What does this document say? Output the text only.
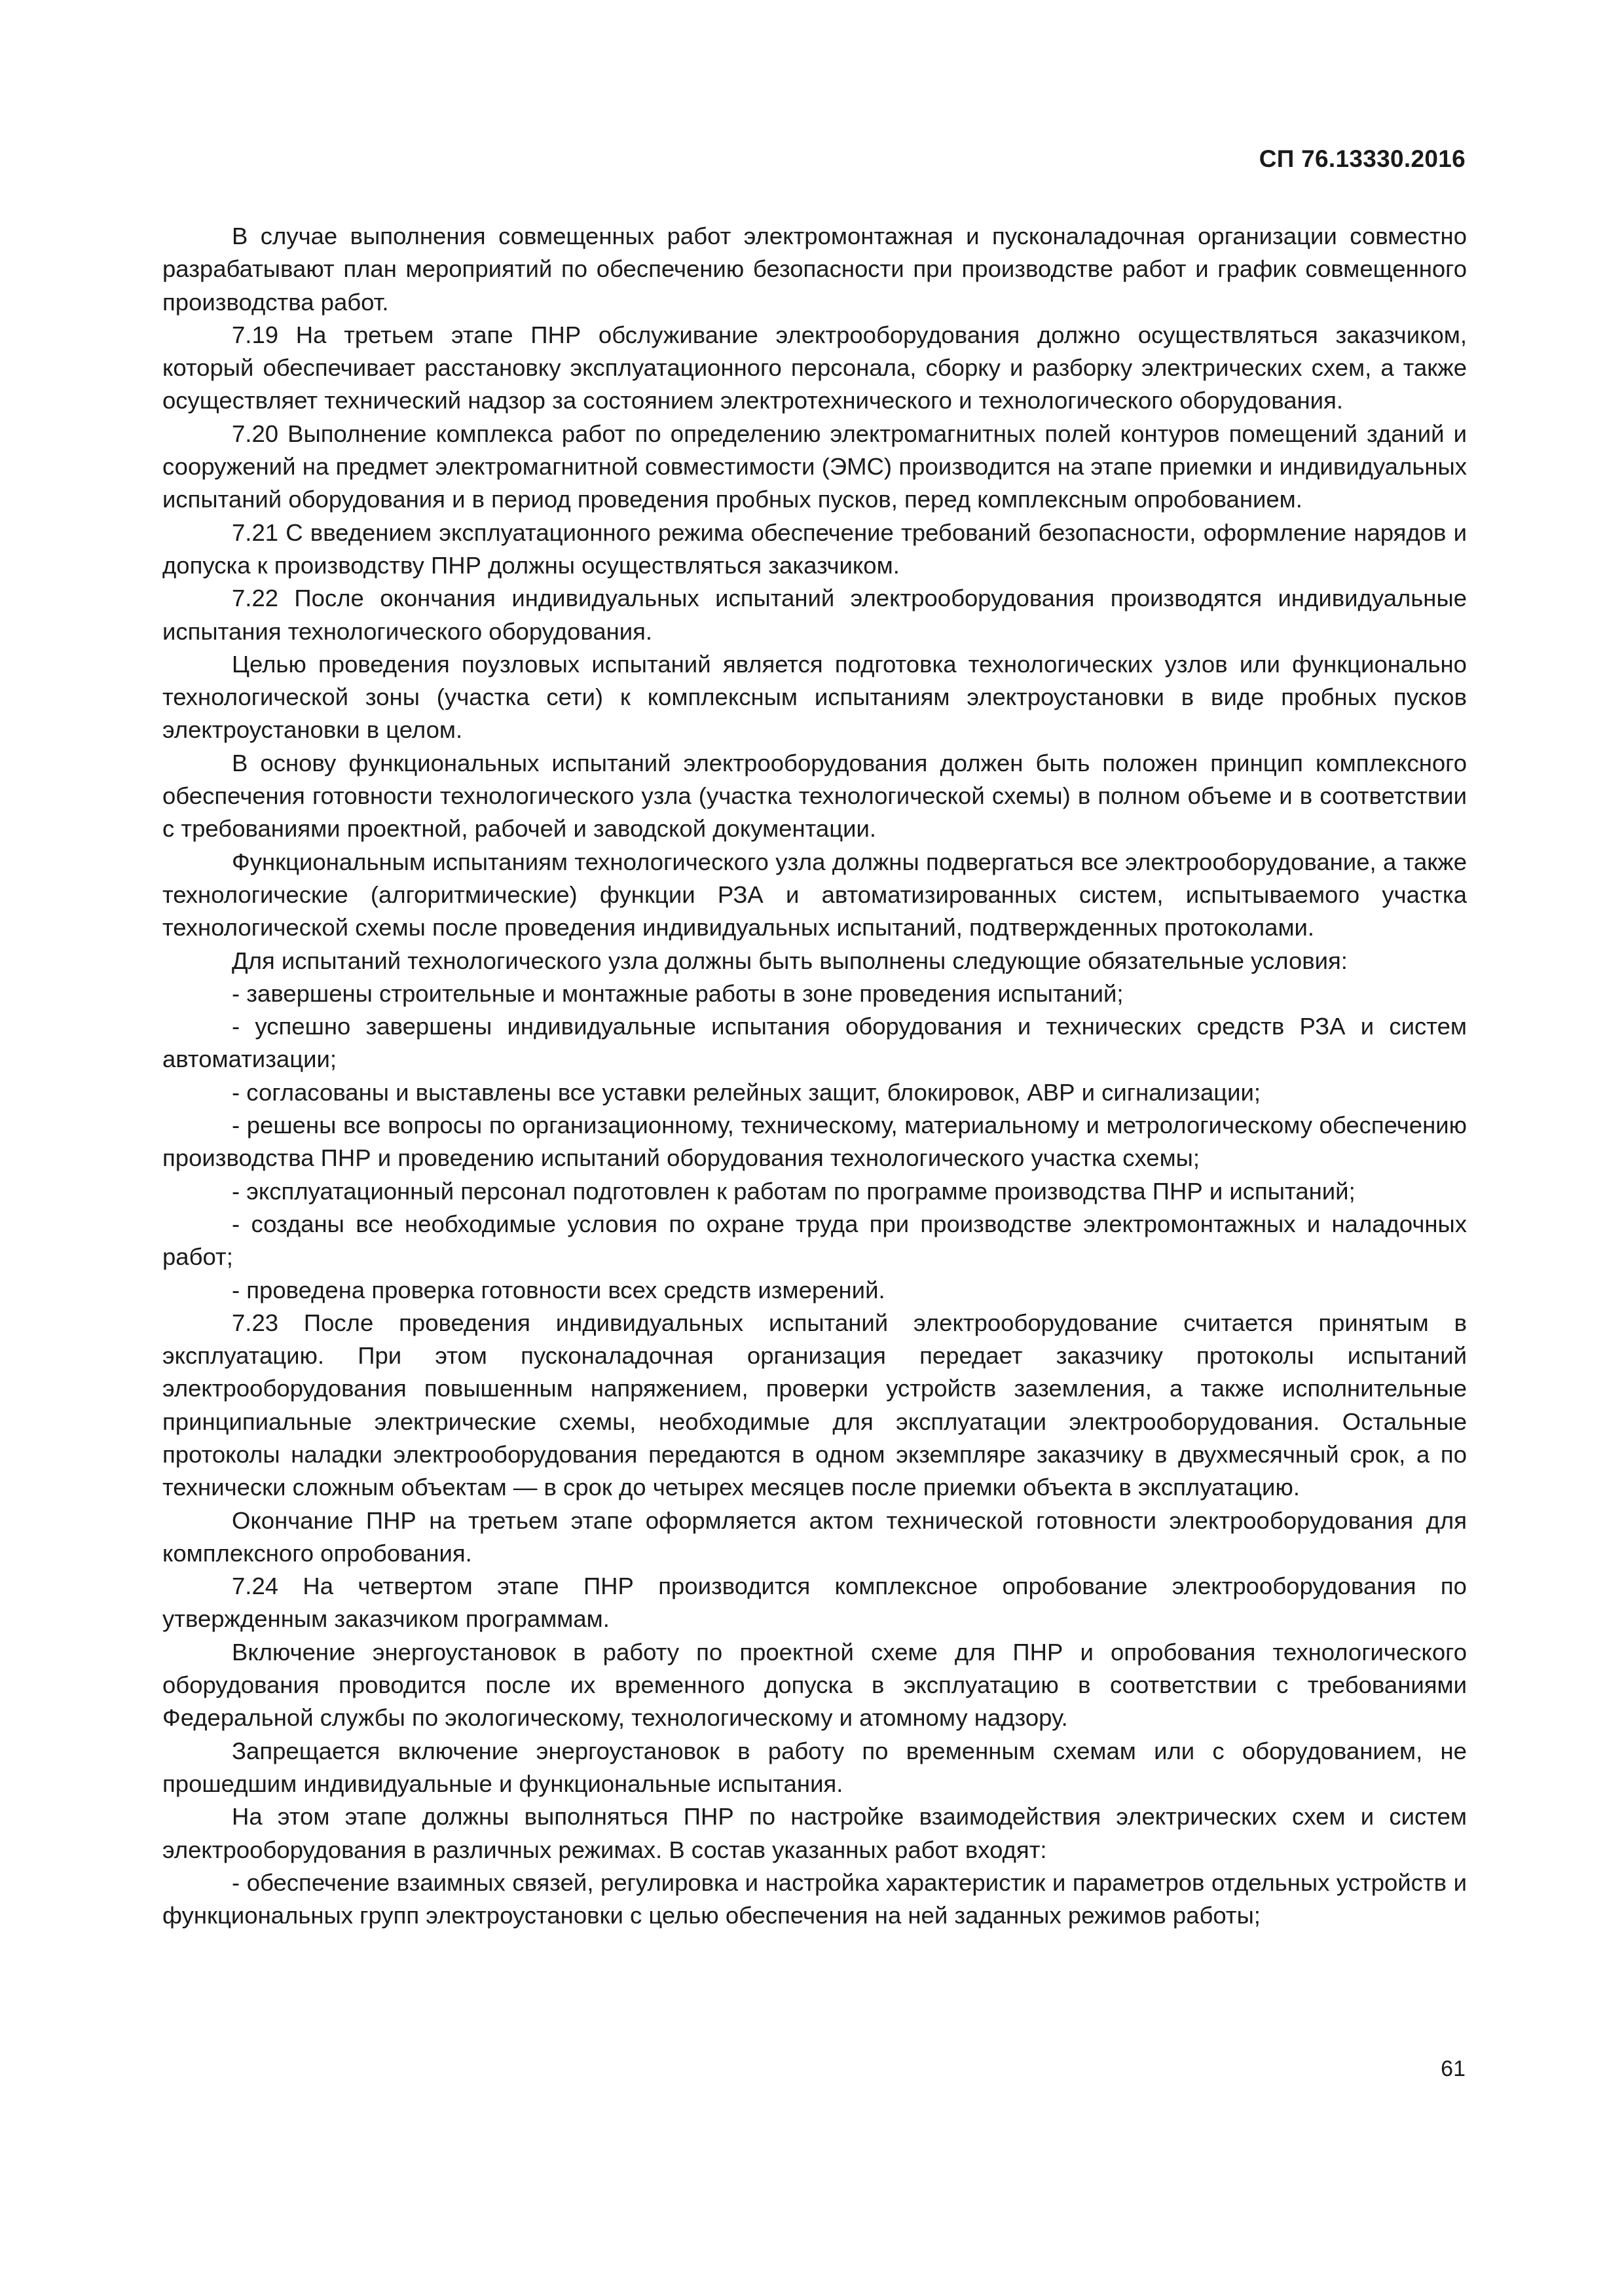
СП 76.13330.2016

В случае выполнения совмещенных работ электромонтажная и пусконаладочная организации совместно разрабатывают план мероприятий по обеспечению безопасности при производстве работ и график совмещенного производства работ.

7.19 На третьем этапе ПНР обслуживание электрооборудования должно осуществляться заказчиком, который обеспечивает расстановку эксплуатационного персонала, сборку и разборку электрических схем, а также осуществляет технический надзор за состоянием электротехнического и технологического оборудования.

7.20 Выполнение комплекса работ по определению электромагнитных полей контуров помещений зданий и сооружений на предмет электромагнитной совместимости (ЭМС) производится на этапе приемки и индивидуальных испытаний оборудования и в период проведения пробных пусков, перед комплексным опробованием.

7.21 С введением эксплуатационного режима обеспечение требований безопасности, оформление нарядов и допуска к производству ПНР должны осуществляться заказчиком.

7.22 После окончания индивидуальных испытаний электрооборудования производятся индивидуальные испытания технологического оборудования.

Целью проведения поузловых испытаний является подготовка технологических узлов или функционально технологической зоны (участка сети) к комплексным испытаниям электроустановки в виде пробных пусков электроустановки в целом.

В основу функциональных испытаний электрооборудования должен быть положен принцип комплексного обеспечения готовности технологического узла (участка технологической схемы) в полном объеме и в соответствии с требованиями проектной, рабочей и заводской документации.

Функциональным испытаниям технологического узла должны подвергаться все электрооборудование, а также технологические (алгоритмические) функции РЗА и автоматизированных систем, испытываемого участка технологической схемы после проведения индивидуальных испытаний, подтвержденных протоколами.

Для испытаний технологического узла должны быть выполнены следующие обязательные условия:

- завершены строительные и монтажные работы в зоне проведения испытаний;

- успешно завершены индивидуальные испытания оборудования и технических средств РЗА и систем автоматизации;

- согласованы и выставлены все уставки релейных защит, блокировок, АВР и сигнализации;

- решены все вопросы по организационному, техническому, материальному и метрологическому обеспечению производства ПНР и проведению испытаний оборудования технологического участка схемы;

- эксплуатационный персонал подготовлен к работам по программе производства ПНР и испытаний;

- созданы все необходимые условия по охране труда при производстве электромонтажных и наладочных работ;

- проведена проверка готовности всех средств измерений.

7.23 После проведения индивидуальных испытаний электрооборудование считается принятым в эксплуатацию. При этом пусконаладочная организация передает заказчику протоколы испытаний электрооборудования повышенным напряжением, проверки устройств заземления, а также исполнительные принципиальные электрические схемы, необходимые для эксплуатации электрооборудования. Остальные протоколы наладки электрооборудования передаются в одном экземпляре заказчику в двухмесячный срок, а по технически сложным объектам — в срок до четырех месяцев после приемки объекта в эксплуатацию.

Окончание ПНР на третьем этапе оформляется актом технической готовности электрооборудования для комплексного опробования.

7.24 На четвертом этапе ПНР производится комплексное опробование электрооборудования по утвержденным заказчиком программам.

Включение энергоустановок в работу по проектной схеме для ПНР и опробования технологического оборудования проводится после их временного допуска в эксплуатацию в соответствии с требованиями Федеральной службы по экологическому, технологическому и атомному надзору.

Запрещается включение энергоустановок в работу по временным схемам или с оборудованием, не прошедшим индивидуальные и функциональные испытания.

На этом этапе должны выполняться ПНР по настройке взаимодействия электрических схем и систем электрооборудования в различных режимах. В состав указанных работ входят:

- обеспечение взаимных связей, регулировка и настройка характеристик и параметров отдельных устройств и функциональных групп электроустановки с целью обеспечения на ней заданных режимов работы;

61
